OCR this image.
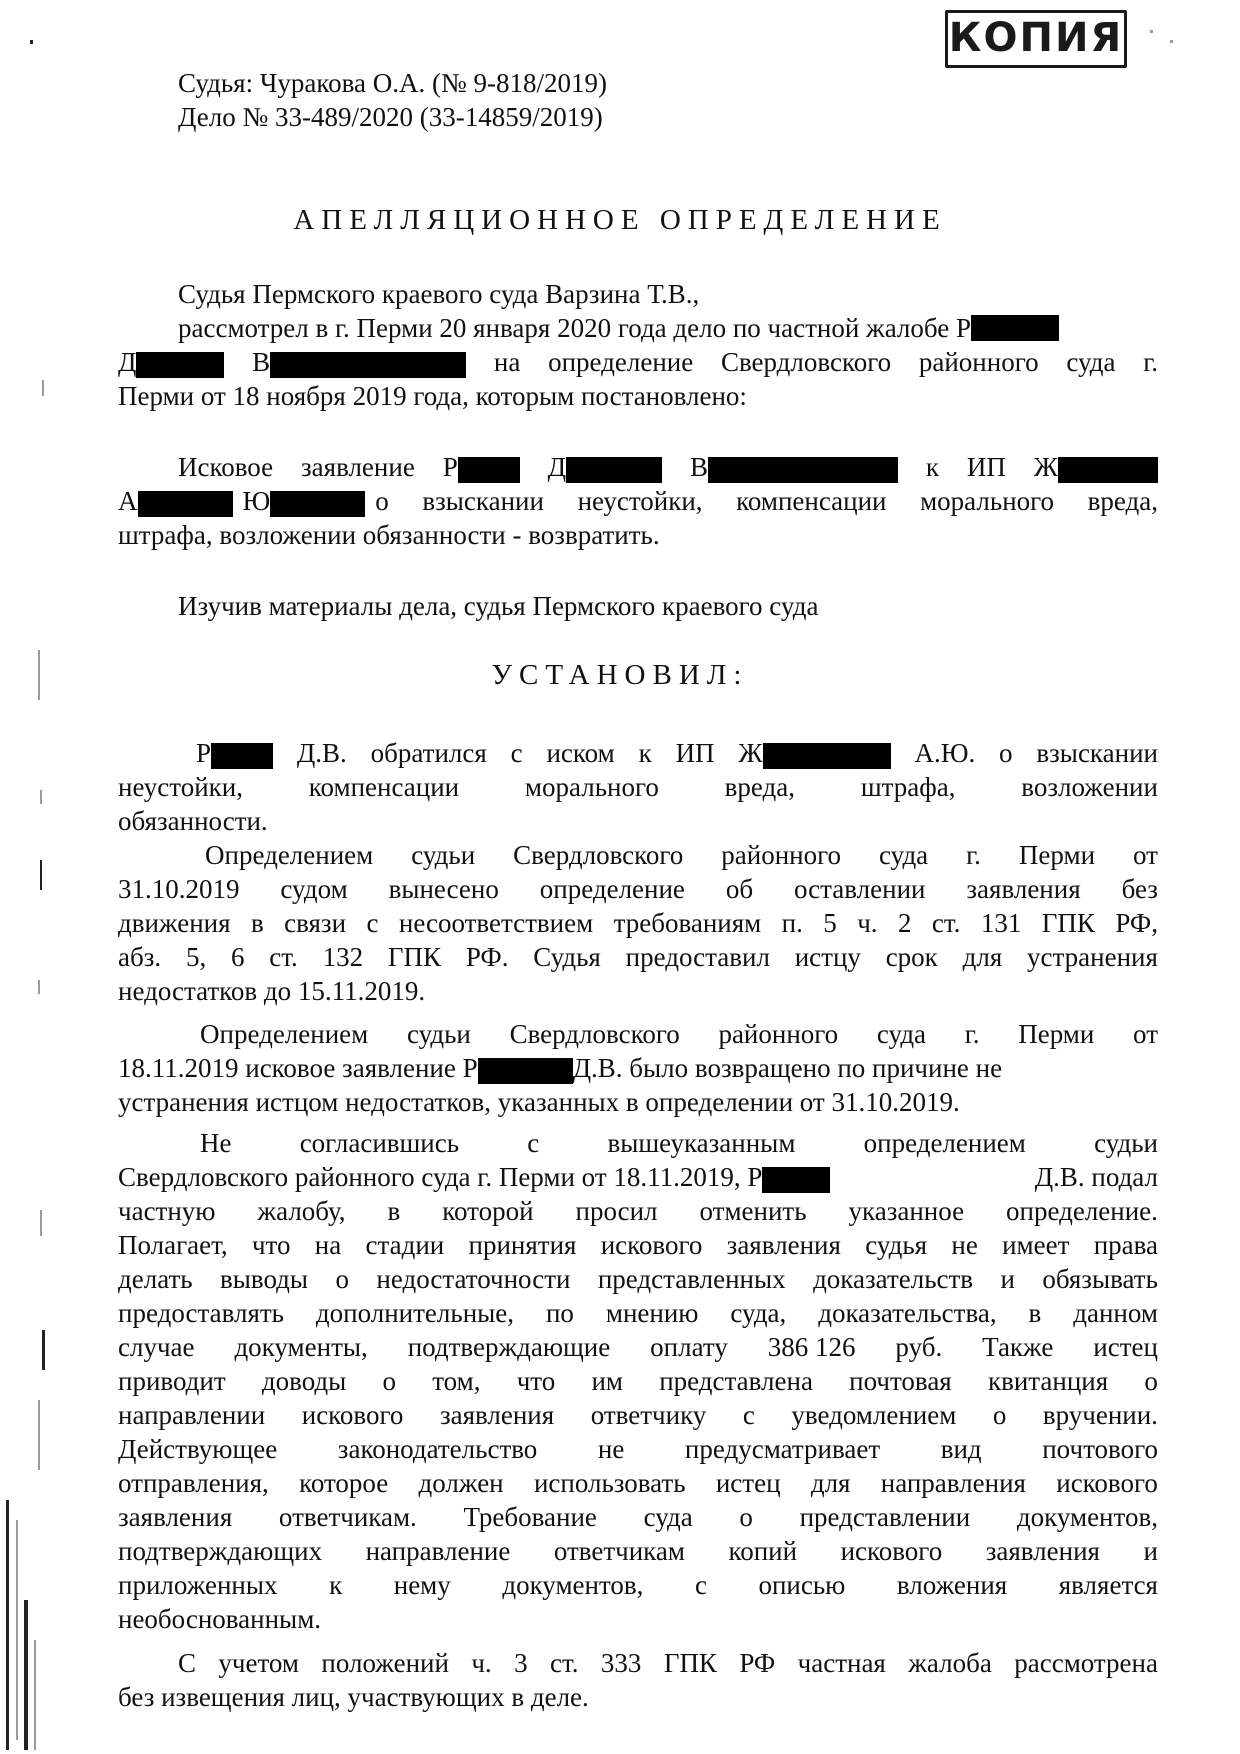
КОПИЯ
Судья: Чуракова О.А. (№ 9-818/2019)
Дело № 33-489/2020 (33-14859/2019)
АПЕЛЛЯЦИОННОЕ ОПРЕДЕЛЕНИЕ
Судья Пермского краевого суда Варзина Т.В.,
рассмотрел в г. Перми 20 января 2020 года дело по частной жалобе Р
Д	В	на определение Свердловского районного суда г.
Перми от 18 ноября 2019 года, которым постановлено:
Исковое заявление Р	Д	В	к ИП Ж
А	Ю	о взыскании неустойки, компенсации морального вреда,
штрафа, возложении обязанности - возвратить.
Изучив материалы дела, судья Пермского краевого суда
УСТАНОВИЛ:
Р	Д.В. обратился с иском к ИП Ж	А.Ю. о взыскании
неустойки, компенсации морального вреда, штрафа, возложении
обязанности.
Определением судьи Свердловского районного суда г. Перми от
31.10.2019 судом вынесено определение об оставлении заявления без
движения в связи с несоответствием требованиям п. 5 ч. 2 ст. 131 ГПК РФ,
абз. 5, 6 ст. 132 ГПК РФ. Судья предоставил истцу срок для устранения
недостатков до 15.11.2019.
Определением судьи Свердловского районного суда г. Перми от
18.11.2019 исковое заявление Р	Д.В. было возвращено по причине не
устранения истцом недостатков, указанных в определении от 31.10.2019.
Не	согласившись	с	вышеуказанным	определением	судьи
Свердловского районного суда г. Перми от 18.11.2019, Р	Д.В. подал
частную жалобу, в которой просил отменить указанное определение.
Полагает, что на стадии принятия искового заявления судья не имеет права
делать выводы о недостаточности представленных доказательств и обязывать
предоставлять дополнительные, по мнению суда, доказательства, в данном
случае документы, подтверждающие оплату 386 126 руб. Также истец
приводит доводы о том, что им представлена почтовая квитанция о
направлении искового заявления ответчику с уведомлением о вручении.
Действующее законодательство не предусматривает вид почтового
отправления, которое должен использовать истец для направления искового
заявления ответчикам. Требование суда о представлении документов,
подтверждающих направление ответчикам копий искового заявления и
приложенных к нему документов, с описью вложения является
необоснованным.
С учетом положений ч. 3 ст. 333 ГПК РФ частная жалоба рассмотрена
без извещения лиц, участвующих в деле.
